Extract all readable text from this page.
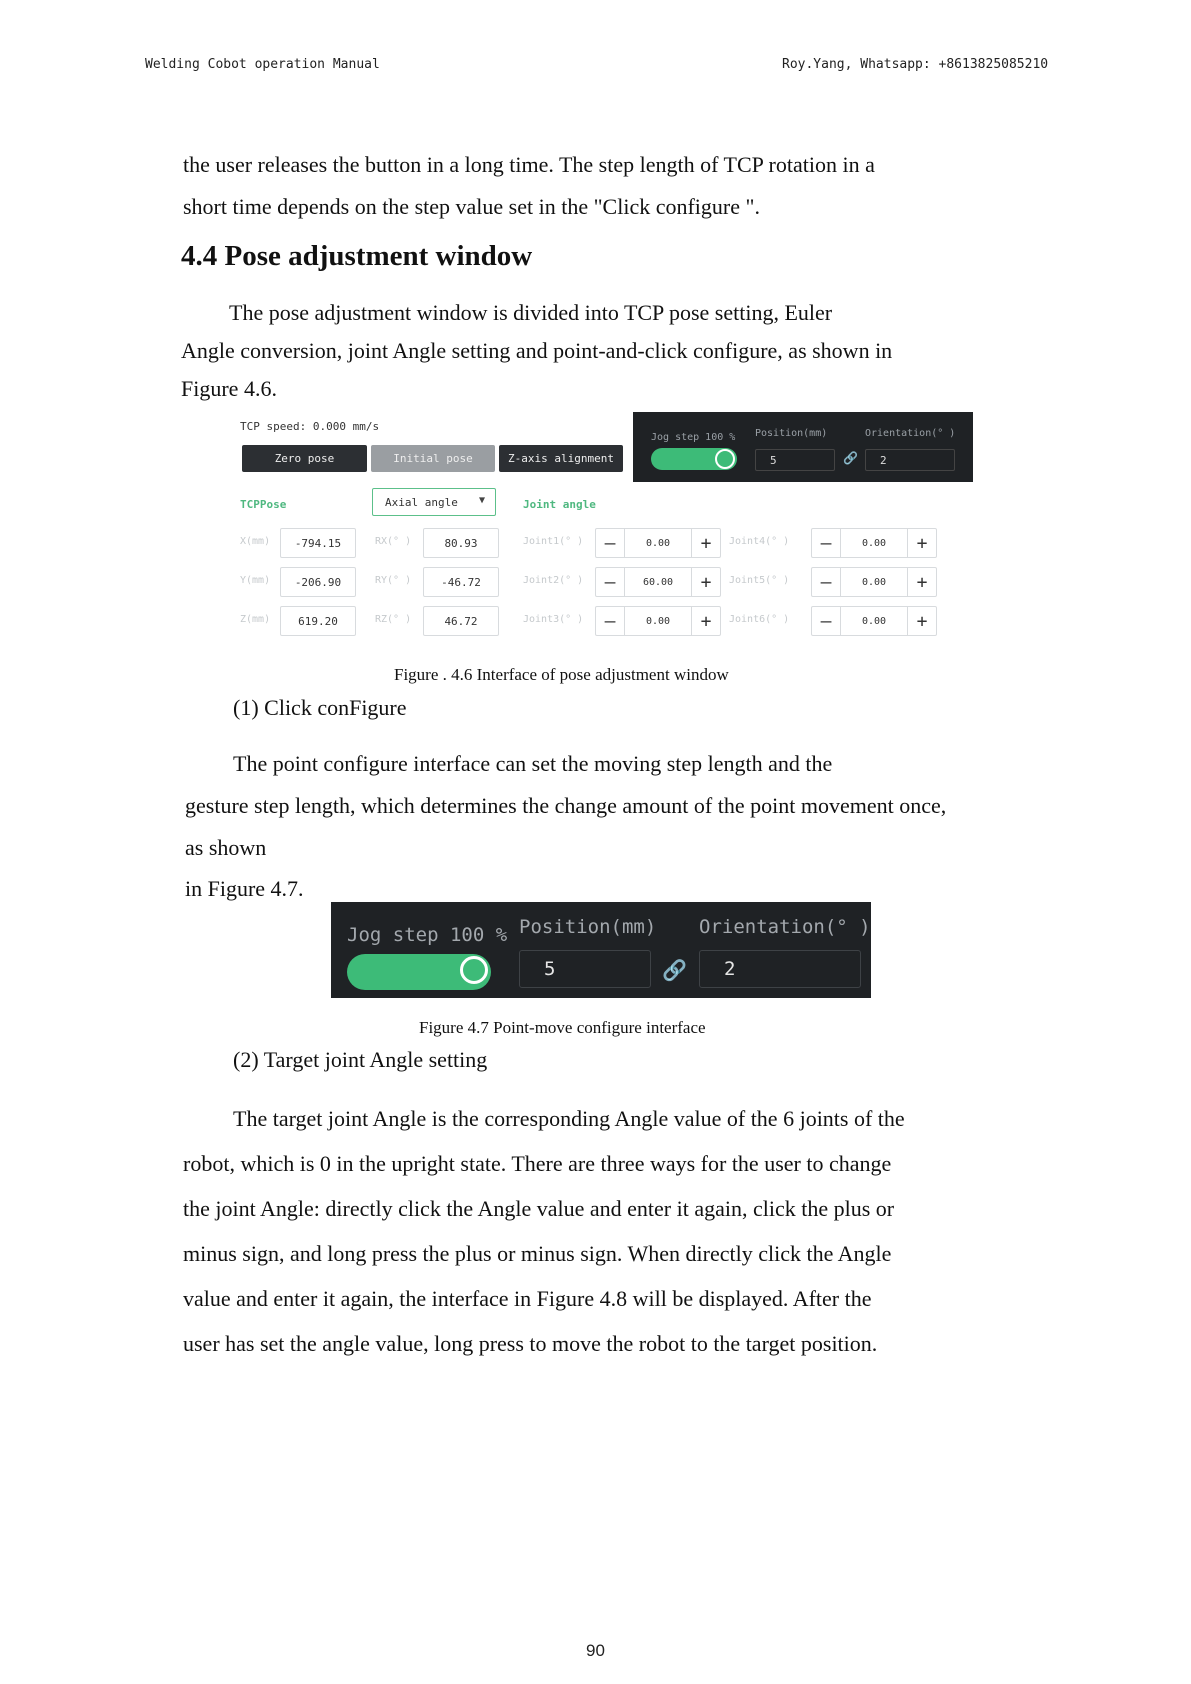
Welding Cobot operation Manual	Roy.Yang, Whatsapp: +8613825085210
the user releases the button in a long time. The step length of TCP rotation in a
short time depends on the step value set in the "Click configure ".
4.4 Pose adjustment window
The pose adjustment window is divided into TCP pose setting, Euler
Angle conversion, joint Angle setting and point-and-click configure, as shown in
Figure 4.6.
TCP speed: 0.000 mm/s
Zero pose	Initial pose	Z-axis alignment
Jog step 100 % Position(mm)	Orientation(° )
5	🔗	2
TCPPose	Axial angle ▼	Joint angle
X(mm)	-794.15	RX(° )	80.93	Joint1(° )	—	0.00	+	Joint4(° )	—	0.00	+
Y(mm)	-206.90	RY(° )	-46.72	Joint2(° )	—	60.00	+	Joint5(° )	—	0.00	+
Z(mm)	619.20	RZ(° )	46.72	Joint3(° )	—	0.00	+	Joint6(° )	—	0.00	+
Figure . 4.6 Interface of pose adjustment window
(1) Click conFigure
The point configure interface can set the moving step length and the
gesture step length, which determines the change amount of the point movement once,
as shown
in Figure 4.7.
Jog step 100 % Position(mm) Orientation(° )
5	🔗	2
Figure 4.7 Point-move configure interface
(2) Target joint Angle setting
The target joint Angle is the corresponding Angle value of the 6 joints of the
robot, which is 0 in the upright state. There are three ways for the user to change
the joint Angle: directly click the Angle value and enter it again, click the plus or
minus sign, and long press the plus or minus sign. When directly click the Angle
value and enter it again, the interface in Figure 4.8 will be displayed. After the
user has set the angle value, long press to move the robot to the target position.
90
